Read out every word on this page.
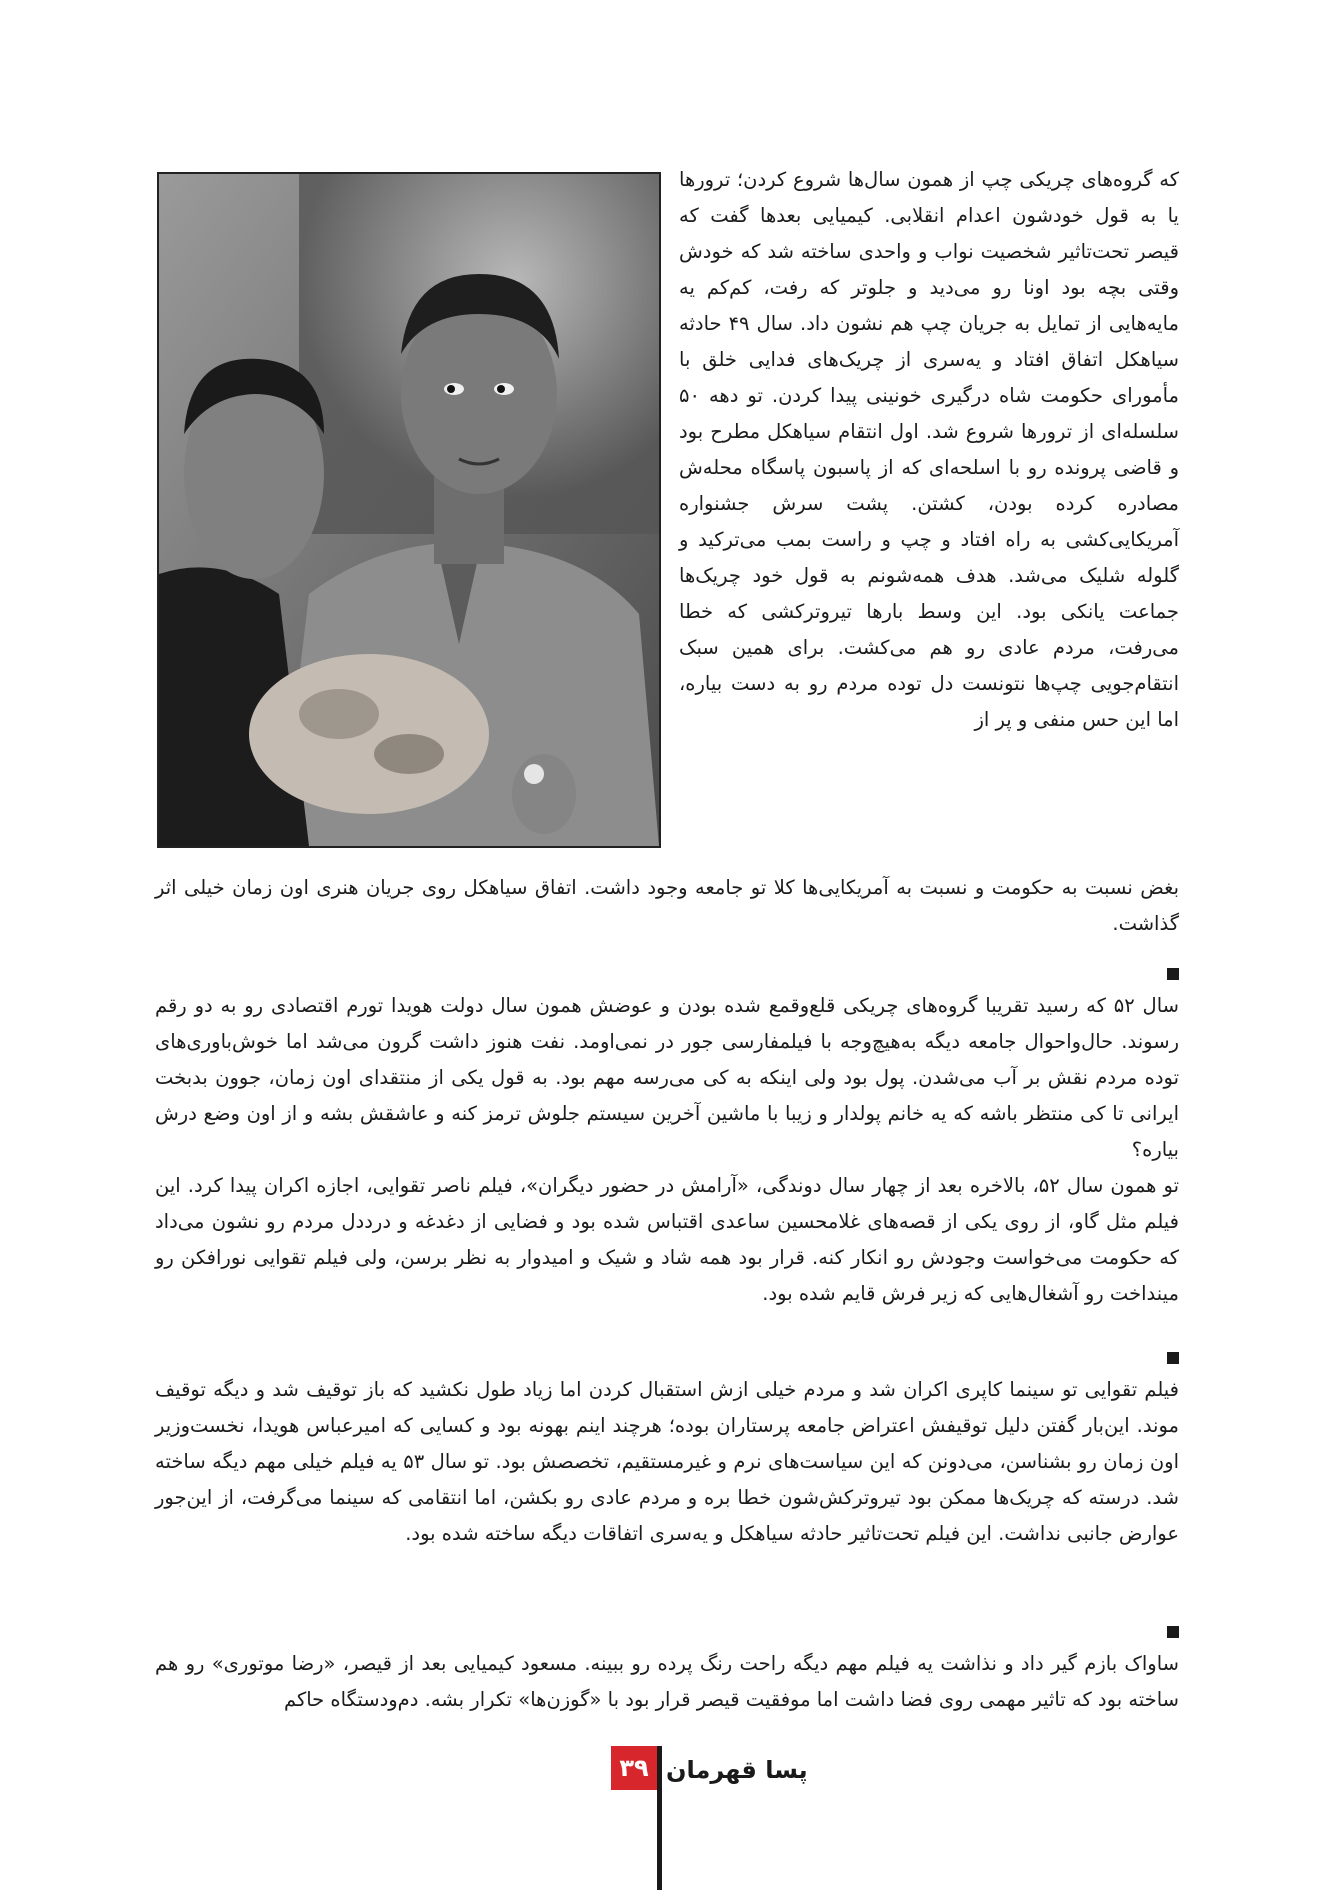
که گروه‌های چریکی چپ از همون سال‌ها شروع کردن؛ ترورها یا به قول خودشون اعدام انقلابی. کیمیایی بعدها گفت که قیصر تحت‌تاثیر شخصیت نواب و واحدی ساخته شد که خودش وقتی بچه بود اونا رو می‌دید و جلوتر که رفت، کم‌کم یه مایه‌هایی از تمایل به جریان چپ هم نشون داد. سال ۴۹ حادثه سیاهکل اتفاق افتاد و یه‌سری از چریک‌های فدایی خلق با مأمورای حکومت شاه درگیری خونینی پیدا کردن. تو دهه ۵۰ سلسله‌ای از ترورها شروع شد. اول انتقام سیاهکل مطرح بود و قاضی پرونده رو با اسلحه‌ای که از پاسبون پاسگاه محله‌ش مصادره کرده بودن، کشتن. پشت سرش جشنواره آمریکایی‌کشی به راه افتاد و چپ و راست بمب می‌ترکید و گلوله شلیک می‌شد. هدف همه‌شونم به قول خود چریک‌ها جماعت یانکی بود. این وسط بارها تیروترکشی که خطا می‌رفت، مردم عادی رو هم می‌کشت. برای همین سبک انتقام‌جویی چپ‌ها نتونست دل توده مردم رو به دست بیاره، اما این حس منفی و پر از

بغض نسبت به حکومت و نسبت به آمریکایی‌ها کلا تو جامعه وجود داشت. اتفاق سیاهکل روی جریان هنری اون زمان خیلی اثر گذاشت.

سال ۵۲ که رسید تقریبا گروه‌های چریکی قلع‌وقمع شده بودن و عوضش همون سال دولت هویدا تورم اقتصادی رو به دو رقم رسوند. حال‌واحوال جامعه دیگه به‌هیچ‌وجه با فیلمفارسی جور در نمی‌اومد. نفت هنوز داشت گرون می‌شد اما خوش‌باوری‌های توده مردم نقش بر آب می‌شدن. پول بود ولی اینکه به کی می‌رسه مهم بود. به قول یکی از منتقدای اون زمان، جوون بدبخت ایرانی تا کی منتظر باشه که یه خانم پولدار و زیبا با ماشین آخرین سیستم جلوش ترمز کنه و عاشقش بشه و از اون وضع درش بیاره؟

تو همون سال ۵۲، بالاخره بعد از چهار سال دوندگی، «آرامش در حضور دیگران»، فیلم ناصر تقوایی، اجازه اکران پیدا کرد. این فیلم مثل گاو، از روی یکی از قصه‌های غلامحسین ساعدی اقتباس شده بود و فضایی از دغدغه و درددل مردم رو نشون می‌داد که حکومت می‌خواست وجودش رو انکار کنه. قرار بود همه شاد و شیک و امیدوار به نظر برسن، ولی فیلم تقوایی نورافکن رو مینداخت رو آشغال‌هایی که زیر فرش قایم شده بود.

فیلم تقوایی تو سینما کاپری اکران شد و مردم خیلی ازش استقبال کردن اما زیاد طول نکشید که باز توقیف شد و دیگه توقیف موند. این‌بار گفتن دلیل توقیفش اعتراض جامعه پرستاران بوده؛ هرچند اینم بهونه بود و کسایی که امیرعباس هویدا، نخست‌وزیر اون زمان رو بشناسن، می‌دونن که این سیاست‌های نرم و غیرمستقیم، تخصصش بود. تو سال ۵۳ یه فیلم خیلی مهم دیگه ساخته شد. درسته که چریک‌ها ممکن بود تیروترکش‌شون خطا بره و مردم عادی رو بکشن، اما انتقامی که سینما می‌گرفت، از این‌جور عوارض جانبی نداشت. این فیلم تحت‌تاثیر حادثه سیاهکل و یه‌سری اتفاقات دیگه ساخته شده بود.

ساواک بازم گیر داد و نذاشت یه فیلم مهم دیگه راحت رنگ پرده رو ببینه. مسعود کیمیایی بعد از قیصر، «رضا موتوری» رو هم ساخته بود که تاثیر مهمی روی فضا داشت اما موفقیت قیصر قرار بود با «گوزن‌ها» تکرار بشه. دم‌ودستگاه حاکم

۳۹ پسا قهرمان
